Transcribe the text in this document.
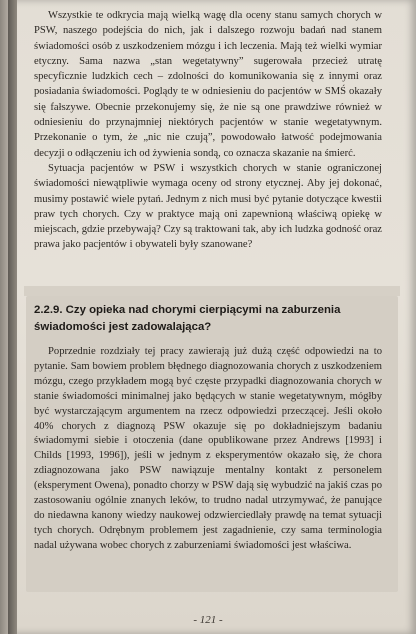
Wszystkie te odkrycia mają wielką wagę dla oceny stanu samych chorych w PSW, naszego podejścia do nich, jak i dalszego rozwoju badań nad stanem świadomości osób z uszkodzeniem mózgu i ich leczenia. Mają też wielki wymiar etyczny. Sama nazwa „stan wegetatywny” sugerowała przecież utratę specyficznie ludzkich cech – zdolności do komunikowania się z innymi oraz posiadania świadomości. Poglądy te w odniesieniu do pacjentów w SMŚ okazały się fałszywe. Obecnie przekonujemy się, że nie są one prawdziwe również w odniesieniu do przynajmniej niektórych pacjentów w stanie wegetatywnym. Przekonanie o tym, że „nic nie czują”, powodowało łatwość podejmowania decyzji o odłączeniu ich od żywienia sondą, co oznacza skazanie na śmierć.

Sytuacja pacjentów w PSW i wszystkich chorych w stanie ograniczonej świadomości niewątpliwie wymaga oceny od strony etycznej. Aby jej dokonać, musimy postawić wiele pytań. Jednym z nich musi być pytanie dotyczące kwestii praw tych chorych. Czy w praktyce mają oni zapewnioną właściwą opiekę w miejscach, gdzie przebywają? Czy są traktowani tak, aby ich ludzka godność oraz prawa jako pacjentów i obywateli były szanowane?

2.2.9. Czy opieka nad chorymi cierpiącymi na zaburzenia świadomości jest zadowalająca?

Poprzednie rozdziały tej pracy zawierają już dużą część odpowiedzi na to pytanie. Sam bowiem problem błędnego diagnozowania chorych z uszkodzeniem mózgu, czego przykładem mogą być częste przypadki diagnozowania chorych w stanie świadomości minimalnej jako będących w stanie wegetatywnym, mógłby być wystarczającym argumentem na rzecz odpowiedzi przeczącej. Jeśli około 40% chorych z diagnozą PSW okazuje się po dokładniejszym badaniu świadomymi siebie i otoczenia (dane opublikowane przez Andrews [1993] i Childs [1993, 1996]), jeśli w jednym z eksperymentów okazało się, że chora zdiagnozowana jako PSW nawiązuje mentalny kontakt z personelem (eksperyment Owena), ponadto chorzy w PSW dają się wybudzić na jakiś czas po zastosowaniu ogólnie znanych leków, to trudno nadal utrzymywać, że panujące do niedawna kanony wiedzy naukowej odzwierciedlały prawdę na temat sytuacji tych chorych. Odrębnym problemem jest zagadnienie, czy sama terminologia nadal używana wobec chorych z zaburzeniami świadomości jest właściwa.

- 121 -
